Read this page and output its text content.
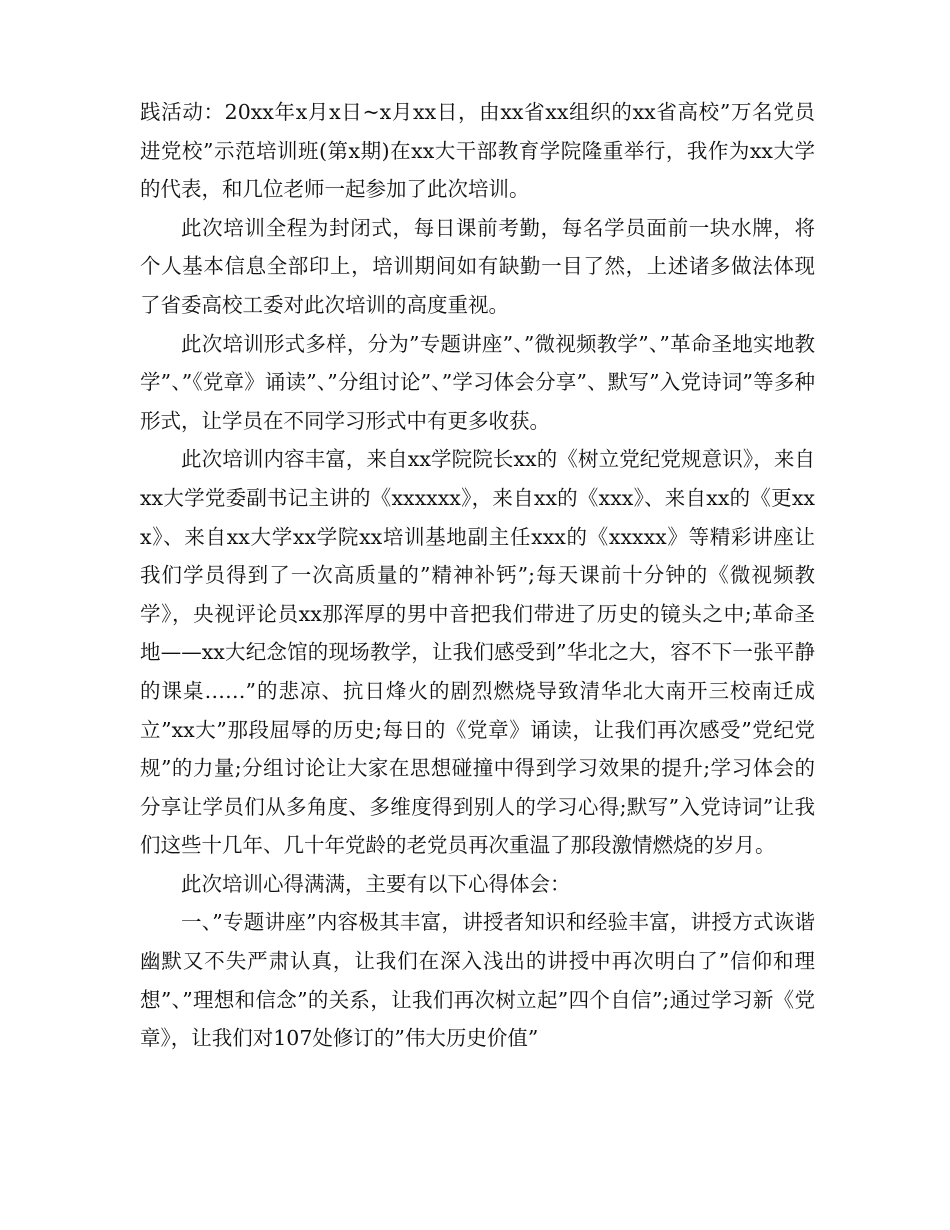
践活动：20xx年x月x日~x月xx日，由xx省xx组织的xx省高校”万名党员进党校”示范培训班(第x期)在xx大干部教育学院隆重举行，我作为xx大学的代表，和几位老师一起参加了此次培训。

此次培训全程为封闭式，每日课前考勤，每名学员面前一块水牌，将个人基本信息全部印上，培训期间如有缺勤一目了然，上述诸多做法体现了省委高校工委对此次培训的高度重视。

此次培训形式多样，分为”专题讲座”、”微视频教学”、”革命圣地实地教学”、”《党章》诵读”、”分组讨论”、”学习体会分享”、默写”入党诗词”等多种形式，让学员在不同学习形式中有更多收获。

此次培训内容丰富，来自xx学院院长xx的《树立党纪党规意识》，来自xx大学党委副书记主讲的《xxxxxx》，来自xx的《xxx》、来自xx的《更xxx》、来自xx大学xx学院xx培训基地副主任xxx的《xxxxx》等精彩讲座让我们学员得到了一次高质量的”精神补钙”;每天课前十分钟的《微视频教学》，央视评论员xx那浑厚的男中音把我们带进了历史的镜头之中;革命圣地——xx大纪念馆的现场教学，让我们感受到”华北之大，容不下一张平静的课桌……”的悲凉、抗日烽火的剧烈燃烧导致清华北大南开三校南迁成立”xx大”那段屈辱的历史;每日的《党章》诵读，让我们再次感受”党纪党规”的力量;分组讨论让大家在思想碰撞中得到学习效果的提升;学习体会的分享让学员们从多角度、多维度得到别人的学习心得;默写”入党诗词”让我们这些十几年、几十年党龄的老党员再次重温了那段激情燃烧的岁月。

此次培训心得满满，主要有以下心得体会：

一、”专题讲座”内容极其丰富，讲授者知识和经验丰富，讲授方式诙谐幽默又不失严肃认真，让我们在深入浅出的讲授中再次明白了”信仰和理想”、”理想和信念”的关系，让我们再次树立起”四个自信”;通过学习新《党章》，让我们对107处修订的”伟大历史价值”
